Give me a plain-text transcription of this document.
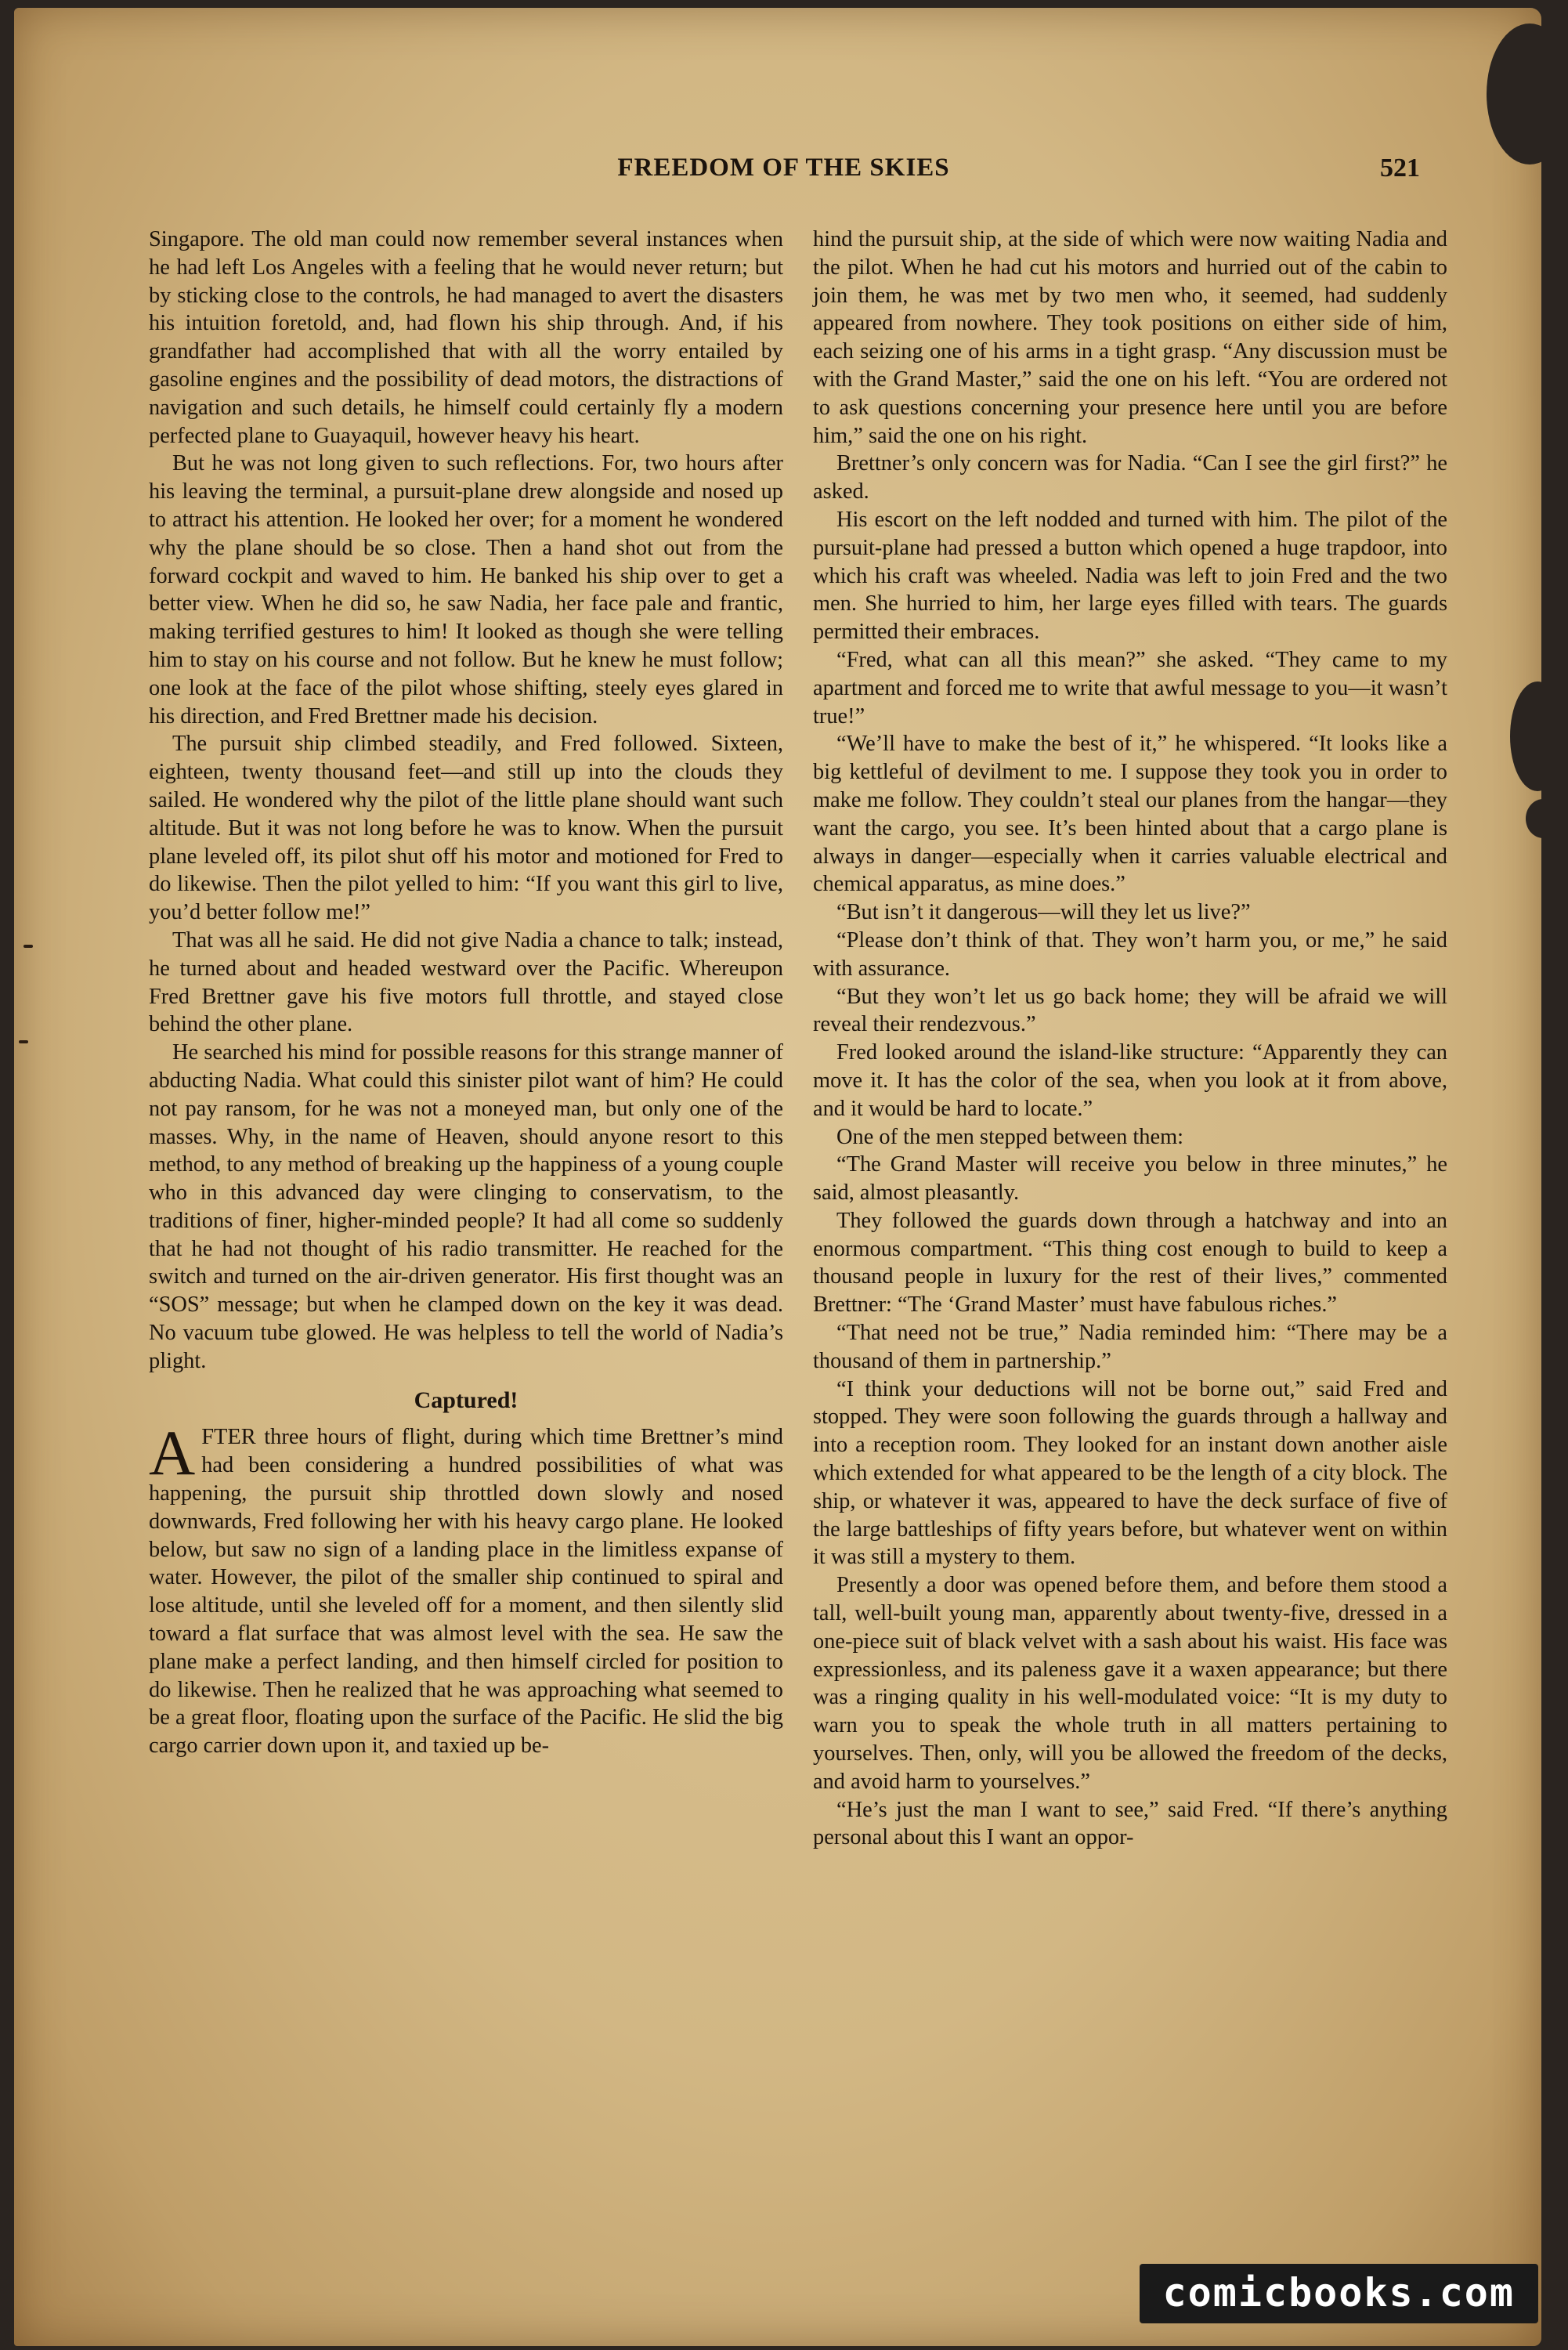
FREEDOM OF THE SKIES	521

Singapore. The old man could now remember several instances when he had left Los Angeles with a feeling that he would never return; but by sticking close to the controls, he had managed to avert the disasters his intuition foretold, and, had flown his ship through. And, if his grandfather had accomplished that with all the worry entailed by gasoline engines and the possibility of dead motors, the distractions of navigation and such details, he himself could certainly fly a modern perfected plane to Guayaquil, however heavy his heart.

But he was not long given to such reflections. For, two hours after his leaving the terminal, a pursuit-plane drew alongside and nosed up to attract his attention. He looked her over; for a moment he wondered why the plane should be so close. Then a hand shot out from the forward cockpit and waved to him. He banked his ship over to get a better view. When he did so, he saw Nadia, her face pale and frantic, making terrified gestures to him! It looked as though she were telling him to stay on his course and not follow. But he knew he must follow; one look at the face of the pilot whose shifting, steely eyes glared in his direction, and Fred Brettner made his decision.

The pursuit ship climbed steadily, and Fred followed. Sixteen, eighteen, twenty thousand feet—and still up into the clouds they sailed. He wondered why the pilot of the little plane should want such altitude. But it was not long before he was to know. When the pursuit plane leveled off, its pilot shut off his motor and motioned for Fred to do likewise. Then the pilot yelled to him: “If you want this girl to live, you’d better follow me!”

That was all he said. He did not give Nadia a chance to talk; instead, he turned about and headed westward over the Pacific. Whereupon Fred Brettner gave his five motors full throttle, and stayed close behind the other plane.

He searched his mind for possible reasons for this strange manner of abducting Nadia. What could this sinister pilot want of him? He could not pay ransom, for he was not a moneyed man, but only one of the masses. Why, in the name of Heaven, should anyone resort to this method, to any method of breaking up the happiness of a young couple who in this advanced day were clinging to conservatism, to the traditions of finer, higher-minded people? It had all come so suddenly that he had not thought of his radio transmitter. He reached for the switch and turned on the air-driven generator. His first thought was an “SOS” message; but when he clamped down on the key it was dead. No vacuum tube glowed. He was helpless to tell the world of Nadia’s plight.

Captured!

AFTER three hours of flight, during which time Brettner’s mind had been considering a hundred possibilities of what was happening, the pursuit ship throttled down slowly and nosed downwards, Fred following her with his heavy cargo plane. He looked below, but saw no sign of a landing place in the limitless expanse of water. However, the pilot of the smaller ship continued to spiral and lose altitude, until she leveled off for a moment, and then silently slid toward a flat surface that was almost level with the sea. He saw the plane make a perfect landing, and then himself circled for position to do likewise. Then he realized that he was approaching what seemed to be a great floor, floating upon the surface of the Pacific. He slid the big cargo carrier down upon it, and taxied up be-

hind the pursuit ship, at the side of which were now waiting Nadia and the pilot. When he had cut his motors and hurried out of the cabin to join them, he was met by two men who, it seemed, had suddenly appeared from nowhere. They took positions on either side of him, each seizing one of his arms in a tight grasp. “Any discussion must be with the Grand Master,” said the one on his left. “You are ordered not to ask questions concerning your presence here until you are before him,” said the one on his right.

Brettner’s only concern was for Nadia. “Can I see the girl first?” he asked.

His escort on the left nodded and turned with him. The pilot of the pursuit-plane had pressed a button which opened a huge trapdoor, into which his craft was wheeled. Nadia was left to join Fred and the two men. She hurried to him, her large eyes filled with tears. The guards permitted their embraces.

“Fred, what can all this mean?” she asked. “They came to my apartment and forced me to write that awful message to you—it wasn’t true!”

“We’ll have to make the best of it,” he whispered. “It looks like a big kettleful of devilment to me. I suppose they took you in order to make me follow. They couldn’t steal our planes from the hangar—they want the cargo, you see. It’s been hinted about that a cargo plane is always in danger—especially when it carries valuable electrical and chemical apparatus, as mine does.”

“But isn’t it dangerous—will they let us live?”

“Please don’t think of that. They won’t harm you, or me,” he said with assurance.

“But they won’t let us go back home; they will be afraid we will reveal their rendezvous.”

Fred looked around the island-like structure: “Apparently they can move it. It has the color of the sea, when you look at it from above, and it would be hard to locate.”

One of the men stepped between them:

“The Grand Master will receive you below in three minutes,” he said, almost pleasantly.

They followed the guards down through a hatchway and into an enormous compartment. “This thing cost enough to build to keep a thousand people in luxury for the rest of their lives,” commented Brettner: “The ‘Grand Master’ must have fabulous riches.”

“That need not be true,” Nadia reminded him: “There may be a thousand of them in partnership.”

“I think your deductions will not be borne out,” said Fred and stopped. They were soon following the guards through a hallway and into a reception room. They looked for an instant down another aisle which extended for what appeared to be the length of a city block. The ship, or whatever it was, appeared to have the deck surface of five of the large battleships of fifty years before, but whatever went on within it was still a mystery to them.

Presently a door was opened before them, and before them stood a tall, well-built young man, apparently about twenty-five, dressed in a one-piece suit of black velvet with a sash about his waist. His face was expressionless, and its paleness gave it a waxen appearance; but there was a ringing quality in his well-modulated voice: “It is my duty to warn you to speak the whole truth in all matters pertaining to yourselves. Then, only, will you be allowed the freedom of the decks, and avoid harm to yourselves.”

“He’s just the man I want to see,” said Fred. “If there’s anything personal about this I want an oppor-

comicbooks.com
